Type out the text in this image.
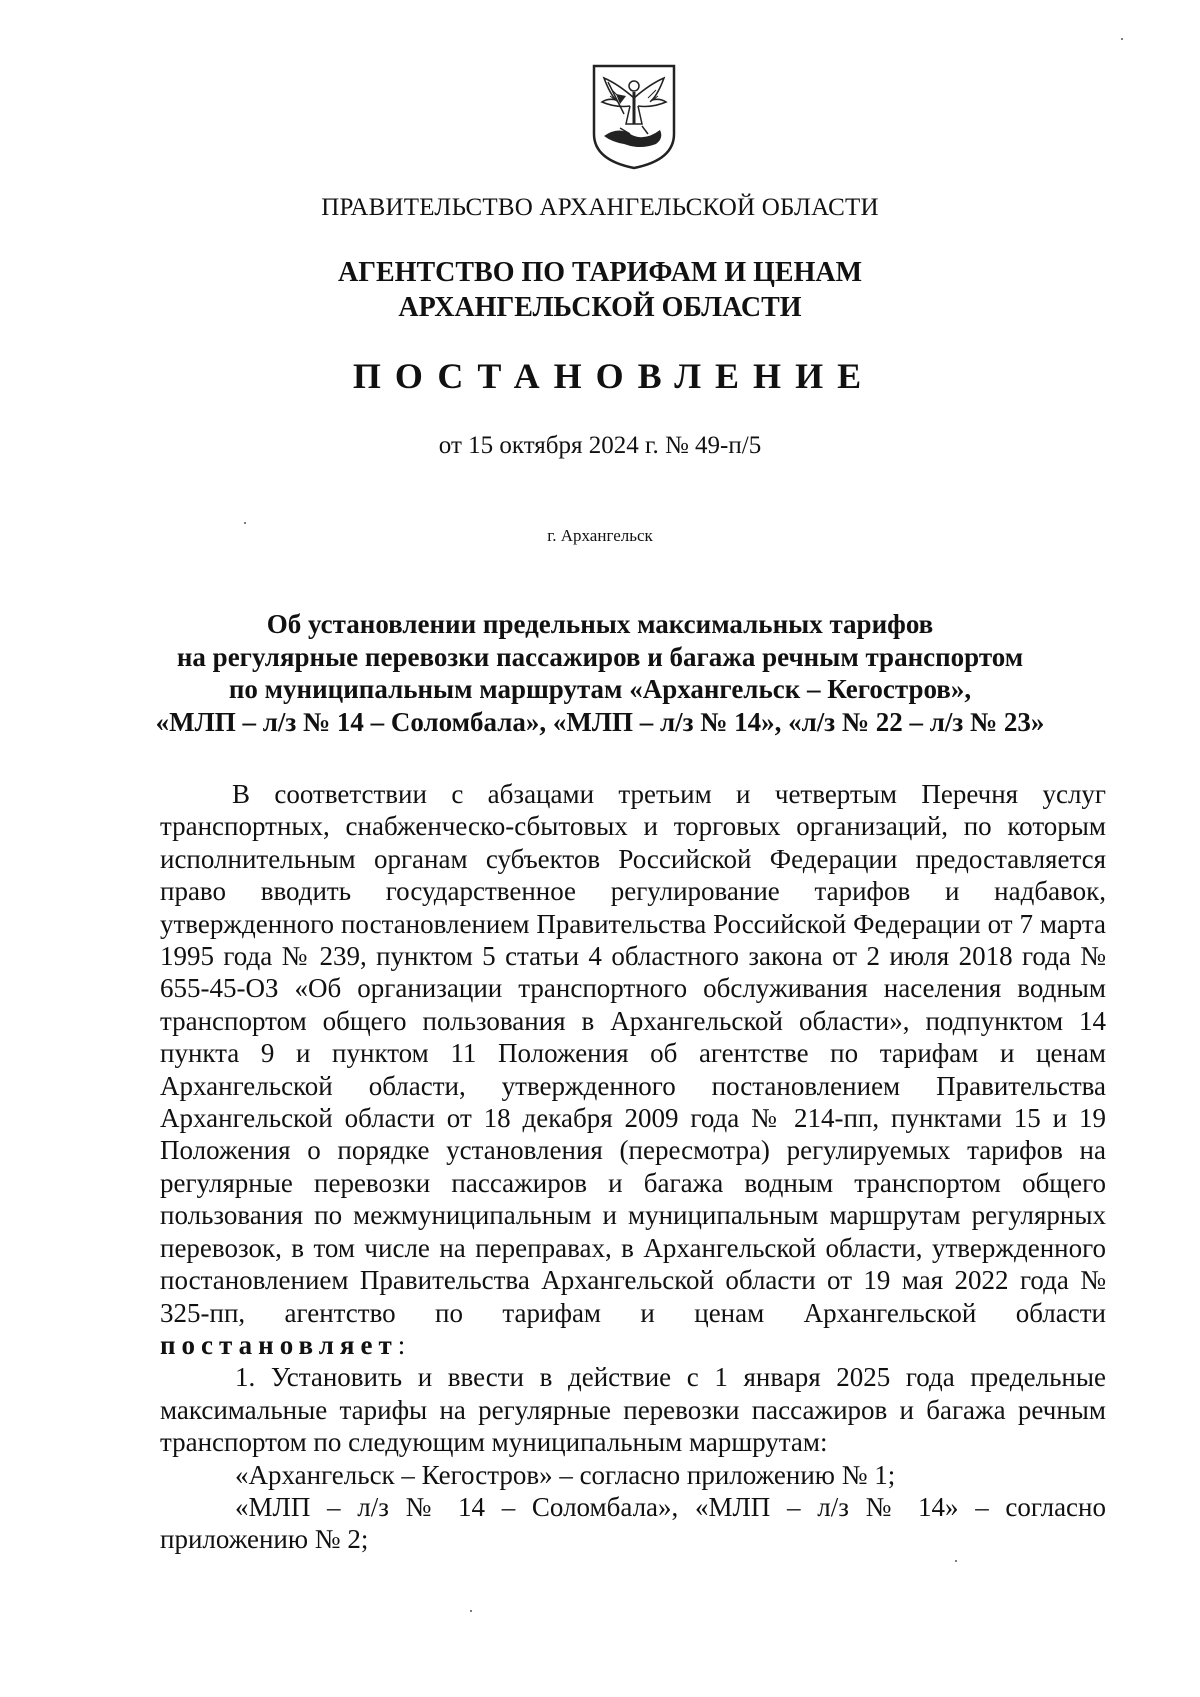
ПРАВИТЕЛЬСТВО АРХАНГЕЛЬСКОЙ ОБЛАСТИ
АГЕНТСТВО ПО ТАРИФАМ И ЦЕНАМ
АРХАНГЕЛЬСКОЙ ОБЛАСТИ
ПОСТАНОВЛЕНИЕ
от 15 октября 2024 г. № 49-п/5
г. Архангельск
Об установлении предельных максимальных тарифов
на регулярные перевозки пассажиров и багажа речным транспортом
по муниципальным маршрутам «Архангельск – Кегостров»,
«МЛП – л/з № 14 – Соломбала», «МЛП – л/з № 14», «л/з № 22 – л/з № 23»

В соответствии с абзацами третьим и четвертым Перечня услуг транспортных, снабженческо-сбытовых и торговых организаций, по которым исполнительным органам субъектов Российской Федерации предоставляется право вводить государственное регулирование тарифов и надбавок, утвержденного постановлением Правительства Российской Федерации от 7 марта 1995 года № 239, пунктом 5 статьи 4 областного закона от 2 июля 2018 года № 655-45-ОЗ «Об организации транспортного обслуживания населения водным транспортом общего пользования в Архангельской области», подпунктом 14 пункта 9 и пунктом 11 Положения об агентстве по тарифам и ценам Архангельской области, утвержденного постановлением Правительства Архангельской области от 18 декабря 2009 года № 214-пп, пунктами 15 и 19 Положения о порядке установления (пересмотра) регулируемых тарифов на регулярные перевозки пассажиров и багажа водным транспортом общего пользования по межмуниципальным и муниципальным маршрутам регулярных перевозок, в том числе на переправах, в Архангельской области, утвержденного постановлением Правительства Архангельской области от 19 мая 2022 года № 325-пп, агентство по тарифам и ценам Архангельской области постановляет:

1. Установить и ввести в действие с 1 января 2025 года предельные максимальные тарифы на регулярные перевозки пассажиров и багажа речным транспортом по следующим муниципальным маршрутам:

«Архангельск – Кегостров» – согласно приложению № 1;

«МЛП – л/з № 14 – Соломбала», «МЛП – л/з № 14» – согласно приложению № 2;
